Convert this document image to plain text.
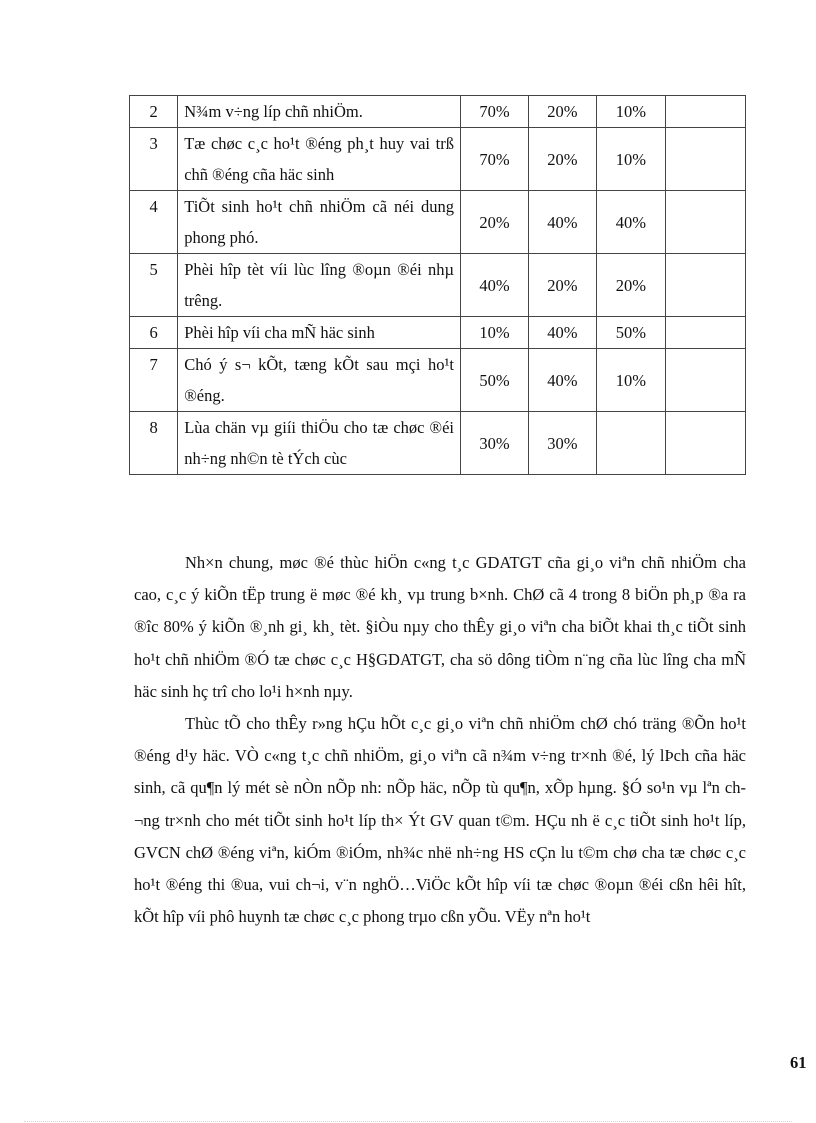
2	N¾m v÷ng líp chñ nhiÖm.	70%	20%	10%	
3	Tæ chøc c¸c ho¹t ®éng ph¸t huy vai trß chñ ®éng cña häc sinh	70%	20%	10%	
4	TiÕt sinh ho¹t chñ nhiÖm cã néi dung phong phó.	20%	40%	40%	
5	Phèi hîp tèt víi lùc lîng ®oµn ®éi nhµ trêng.	40%	20%	20%	
6	Phèi hîp víi cha mÑ häc sinh	10%	40%	50%	
7	Chó ý s¬ kÕt, tæng kÕt sau mçi ho¹t ®éng.	50%	40%	10%	
8	Lùa chän vµ giíi thiÖu cho tæ chøc ®éi nh÷ng nh©n tè tÝch cùc	30%	30%		

Nh×n chung, møc ®é thùc hiÖn c«ng t¸c GDATGT cña gi¸o viªn chñ nhiÖm cha cao, c¸c ý kiÕn tËp trung ë møc ®é kh¸ vµ trung b×nh. ChØ cã 4 trong 8 biÖn ph¸p ®a ra ®îc 80% ý kiÕn ®¸nh gi¸ kh¸ tèt. §iÒu nµy cho thÊy gi¸o viªn cha biÕt khai th¸c tiÕt sinh ho¹t chñ nhiÖm ®Ó tæ chøc c¸c H§GDATGT, cha sö dông tiÒm n¨ng cña lùc lîng cha mÑ häc sinh hç trî cho lo¹i h×nh nµy.

Thùc tÕ cho thÊy r»ng hÇu hÕt c¸c gi¸o viªn chñ nhiÖm chØ chó träng ®Õn ho¹t ®éng d¹y häc. VÒ c«ng t¸c chñ nhiÖm, gi¸o viªn cã n¾m v÷ng tr×nh ®é, lý lÞch cña häc sinh, cã qu¶n lý mét sè nÒn nÕp nh: nÕp häc, nÕp tù qu¶n, xÕp hµng. §Ó so¹n vµ lªn ch¬ng tr×nh cho mét tiÕt sinh ho¹t líp th× Ýt GV quan t©m. HÇu nh ë c¸c tiÕt sinh ho¹t líp, GVCN chØ ®éng viªn, kiÓm ®iÓm, nh¾c nhë nh÷ng HS cÇn lu t©m chø cha tæ chøc c¸c ho¹t ®éng thi ®ua, vui ch¬i, v¨n nghÖ…ViÖc kÕt hîp víi tæ chøc ®oµn ®éi cßn hêi hît, kÕt hîp víi phô huynh tæ chøc c¸c phong trµo cßn yÕu. VËy nªn ho¹t

61
